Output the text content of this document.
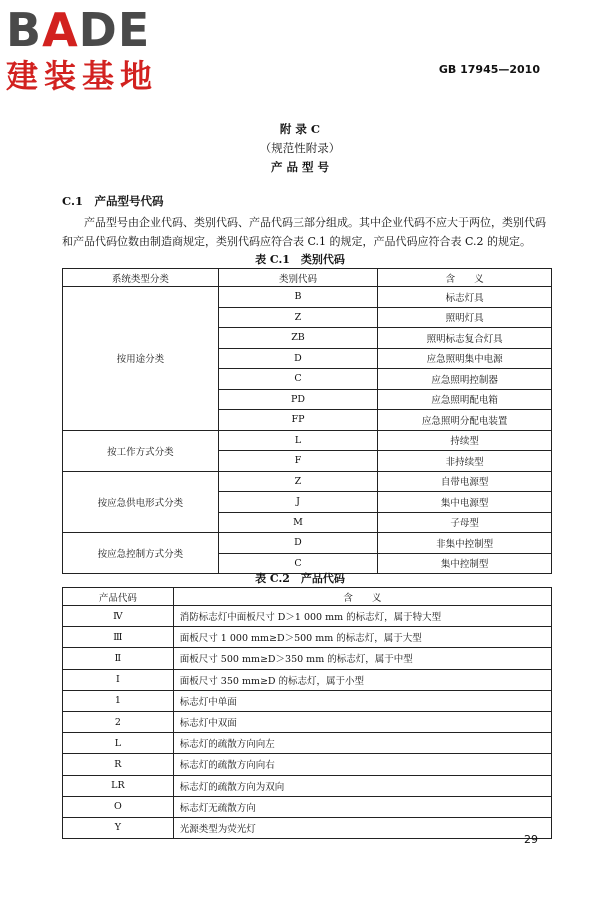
BADE
建装基地	GB 17945—2010
附 录 C
（规范性附录）
产 品 型 号
C.1　产品型号代码
产品型号由企业代码、类别代码、产品代码三部分组成。其中企业代码不应大于两位，类别代码和产品代码位数由制造商规定，类别代码应符合表 C.1 的规定，产品代码应符合表 C.2 的规定。
表 C.1　类别代码
系统类型分类	类别代码	含　　义
按用途分类	B	标志灯具
	Z	照明灯具
	ZB	照明标志复合灯具
	D	应急照明集中电源
	C	应急照明控制器
	PD	应急照明配电箱
	FP	应急照明分配电装置
按工作方式分类	L	持续型
	F	非持续型
按应急供电形式分类	Z	自带电源型
	J	集中电源型
	M	子母型
按应急控制方式分类	D	非集中控制型
	C	集中控制型
表 C.2　产品代码
产品代码	含　　义
Ⅳ	消防标志灯中面板尺寸 D＞1 000 mm 的标志灯，属于特大型
Ⅲ	面板尺寸 1 000 mm≥D＞500 mm 的标志灯，属于大型
Ⅱ	面板尺寸 500 mm≥D＞350 mm 的标志灯，属于中型
Ⅰ	面板尺寸 350 mm≥D 的标志灯，属于小型
1	标志灯中单面
2	标志灯中双面
L	标志灯的疏散方向向左
R	标志灯的疏散方向向右
LR	标志灯的疏散方向为双向
O	标志灯无疏散方向
Y	光源类型为荧光灯
29
